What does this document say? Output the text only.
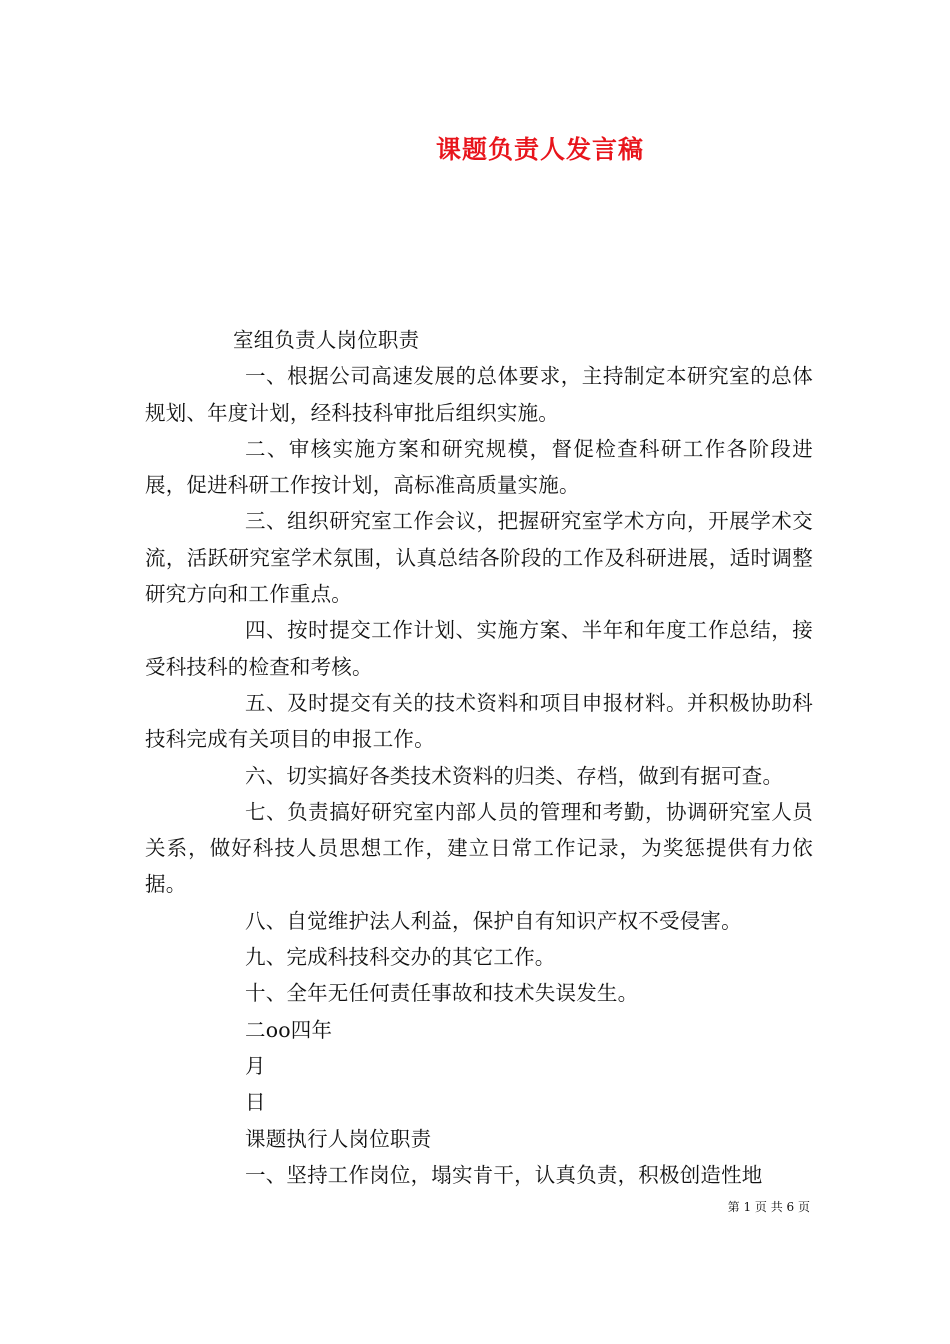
课题负责人发言稿

室组负责人岗位职责

一、根据公司高速发展的总体要求，主持制定本研究室的总体规划、年度计划，经科技科审批后组织实施。

二、审核实施方案和研究规模，督促检查科研工作各阶段进展，促进科研工作按计划，高标准高质量实施。

三、组织研究室工作会议，把握研究室学术方向，开展学术交流，活跃研究室学术氛围，认真总结各阶段的工作及科研进展，适时调整研究方向和工作重点。

四、按时提交工作计划、实施方案、半年和年度工作总结，接受科技科的检查和考核。

五、及时提交有关的技术资料和项目申报材料。并积极协助科技科完成有关项目的申报工作。

六、切实搞好各类技术资料的归类、存档，做到有据可查。

七、负责搞好研究室内部人员的管理和考勤，协调研究室人员关系，做好科技人员思想工作，建立日常工作记录，为奖惩提供有力依据。

八、自觉维护法人利益，保护自有知识产权不受侵害。

九、完成科技科交办的其它工作。

十、全年无任何责任事故和技术失误发生。

二oo四年

月

日

课题执行人岗位职责

一、坚持工作岗位，塌实肯干，认真负责，积极创造性地

第 1 页 共 6 页
